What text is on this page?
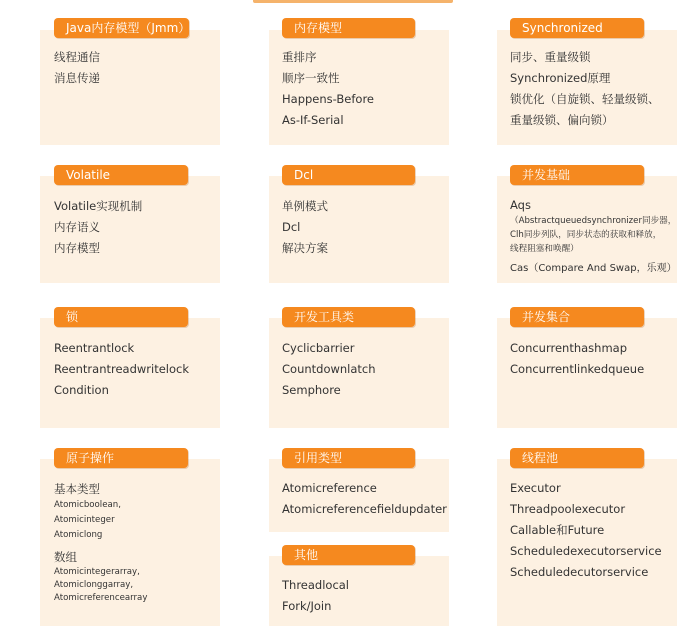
Java内存模型（Jmm）
线程通信
消息传递
内存模型
重排序
顺序一致性
Happens-Before
As-If-Serial
Synchronized
同步、重量级锁
Synchronized原理
锁优化（自旋锁、轻量级锁、
重量级锁、偏向锁）
Volatile
Volatile实现机制
内存语义
内存模型
Dcl
单例模式
Dcl
解决方案
并发基础
Aqs
（Abstractqueuedsynchronizer同步器，
Clh同步列队，同步状态的获取和释放，
线程阻塞和唤醒）
Cas（Compare And Swap，乐观）
锁
Reentrantlock
Reentrantreadwritelock
Condition
开发工具类
Cyclicbarrier
Countdownlatch
Semphore
并发集合
Concurrenthashmap
Concurrentlinkedqueue
原子操作
基本类型
Atomicboolean,
Atomicinteger
Atomiclong
数组
Atomicintegerarray,
Atomiclonggarray,
Atomicreferencearray
引用类型
Atomicreference
Atomicreferencefieldupdater
其他
Threadlocal
Fork/Join
线程池
Executor
Threadpoolexecutor
Callable和Future
Scheduledexecutorservice
Scheduledecutorservice
